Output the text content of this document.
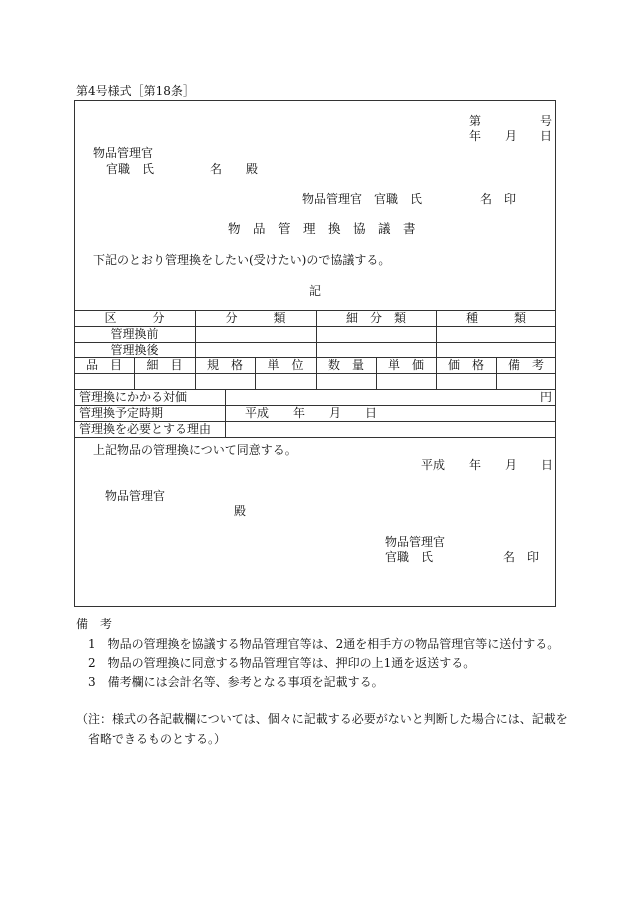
第4号様式［第18条］
第	号
年 月 日
物品管理官
官職　氏	名 殿
物品管理官　官職　氏	名 印
物　品　管　理　換　協　議　書
下記のとおり管理換をしたい(受けたい)ので協議する。
記
区　　　分	分　　　類	細　分　類	種　　　類
管理換前
管理換後
品　目	細　目	規　格	単　位	数　量	単　価	価　格	備　考
管理換にかかる対価	円
管理換予定時期	平成　　年　　月　　日
管理換を必要とする理由
上記物品の管理換について同意する。
平成　　年　　月　　日
物品管理官
殿
物品管理官
官職　氏	名 印
備　考
1　物品の管理換を協議する物品管理官等は、2通を相手方の物品管理官等に送付する。
2　物品の管理換に同意する物品管理官等は、押印の上1通を返送する。
3　備考欄には会計名等、参考となる事項を記載する。
（注：様式の各記載欄については、個々に記載する必要がないと判断した場合には、記載を
省略できるものとする。）
